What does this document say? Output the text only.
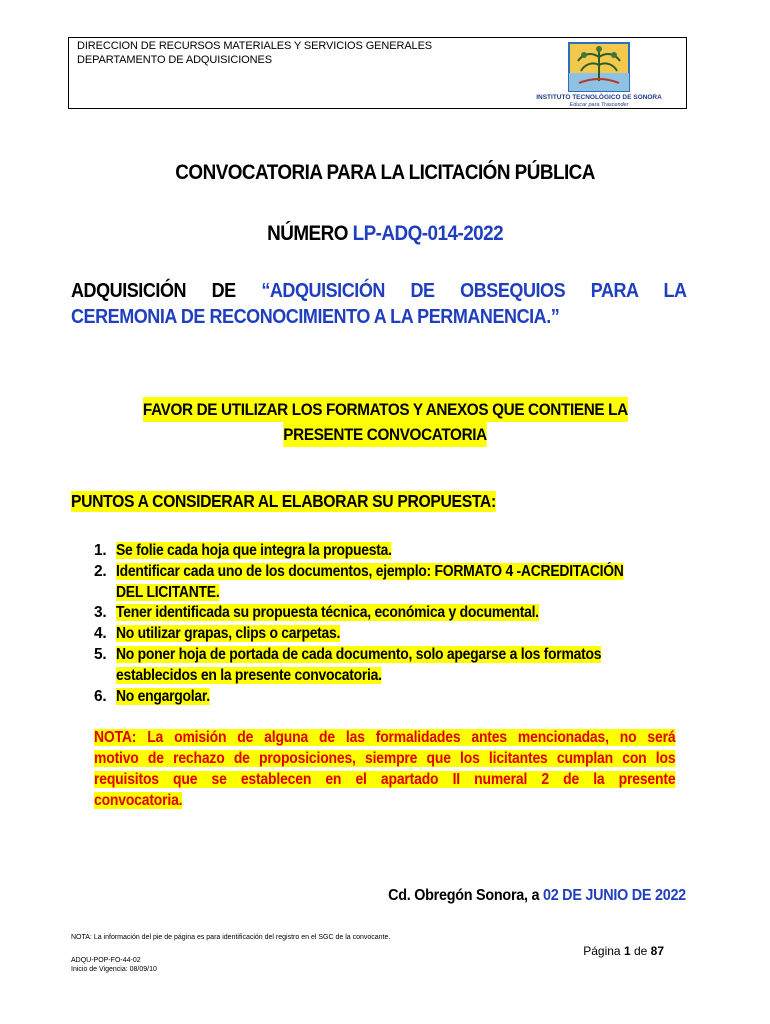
DIRECCION DE RECURSOS MATERIALES Y SERVICIOS GENERALES
DEPARTAMENTO DE ADQUISICIONES
INSTITUTO TECNOLÓGICO DE SONORA
Educar para Trascender
CONVOCATORIA PARA LA LICITACIÓN PÚBLICA
NÚMERO LP-ADQ-014-2022
ADQUISICIÓN DE “ADQUISICIÓN DE OBSEQUIOS PARA LA
CEREMONIA DE RECONOCIMIENTO A LA PERMANENCIA.”
FAVOR DE UTILIZAR LOS FORMATOS Y ANEXOS QUE CONTIENE LA
PRESENTE CONVOCATORIA
PUNTOS A CONSIDERAR AL ELABORAR SU PROPUESTA:
1. Se folie cada hoja que integra la propuesta.
2. Identificar cada uno de los documentos, ejemplo: FORMATO 4 -ACREDITACIÓNDEL LICITANTE.
3. Tener identificada su propuesta técnica, económica y documental.
4. No utilizar grapas, clips o carpetas.
5. No poner hoja de portada de cada documento, solo apegarse a los formatosestablecidos en la presente convocatoria.
6. No engargolar.
NOTA: La omisión de alguna de las formalidades antes mencionadas, no será
motivo de rechazo de proposiciones, siempre que los licitantes cumplan con los
requisitos que se establecen en el apartado II numeral 2 de la presente
convocatoria.
Cd. Obregón Sonora, a 02 DE JUNIO DE 2022
NOTA: La información del pie de página es para identificación del registro en el SGC de la convocante.
Página 1 de 87
ADQU-POP-FO-44-02
Inicio de Vigencia: 08/09/10
